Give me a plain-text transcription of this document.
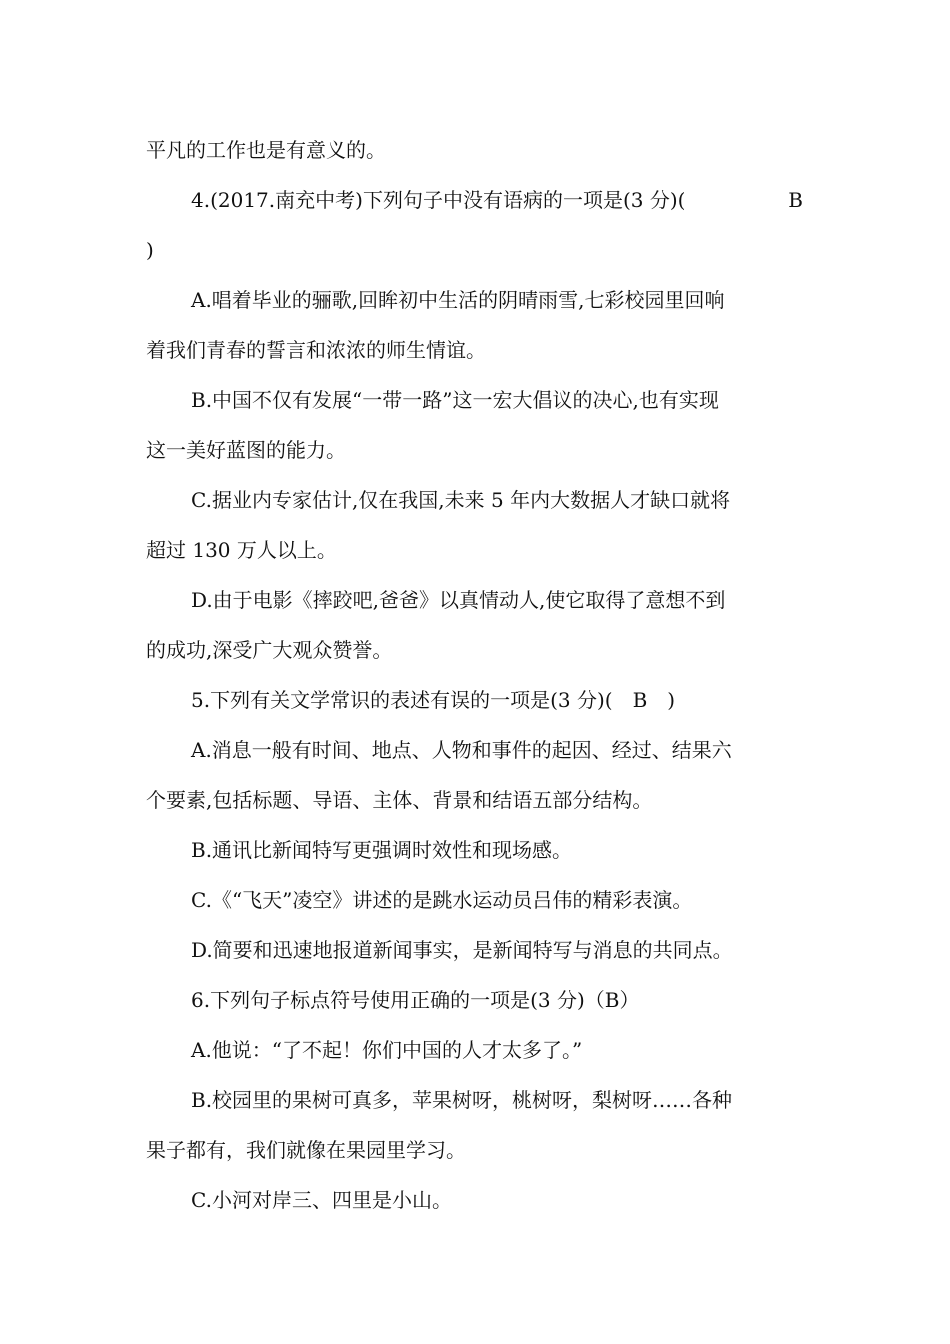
平凡的工作也是有意义的。
4.(2017.南充中考)下列句子中没有语病的一项是(3 分)(	B
)
A.唱着毕业的骊歌,回眸初中生活的阴晴雨雪,七彩校园里回响
着我们青春的誓言和浓浓的师生情谊。
B.中国不仅有发展“一带一路”这一宏大倡议的决心,也有实现
这一美好蓝图的能力。
C.据业内专家估计,仅在我国,未来 5 年内大数据人才缺口就将
超过 130 万人以上。
D.由于电影《摔跤吧,爸爸》以真情动人,使它取得了意想不到
的成功,深受广大观众赞誉。
5.下列有关文学常识的表述有误的一项是(3 分)(　B　)
A.消息一般有时间、地点、人物和事件的起因、经过、结果六
个要素,包括标题、导语、主体、背景和结语五部分结构。
B.通讯比新闻特写更强调时效性和现场感。
C.《“飞天”凌空》讲述的是跳水运动员吕伟的精彩表演。
D.简要和迅速地报道新闻事实，是新闻特写与消息的共同点。
6.下列句子标点符号使用正确的一项是(3 分)（B）
A.他说：“了不起！你们中国的人才太多了。”
B.校园里的果树可真多，苹果树呀，桃树呀，梨树呀……各种
果子都有，我们就像在果园里学习。
C.小河对岸三、四里是小山。
